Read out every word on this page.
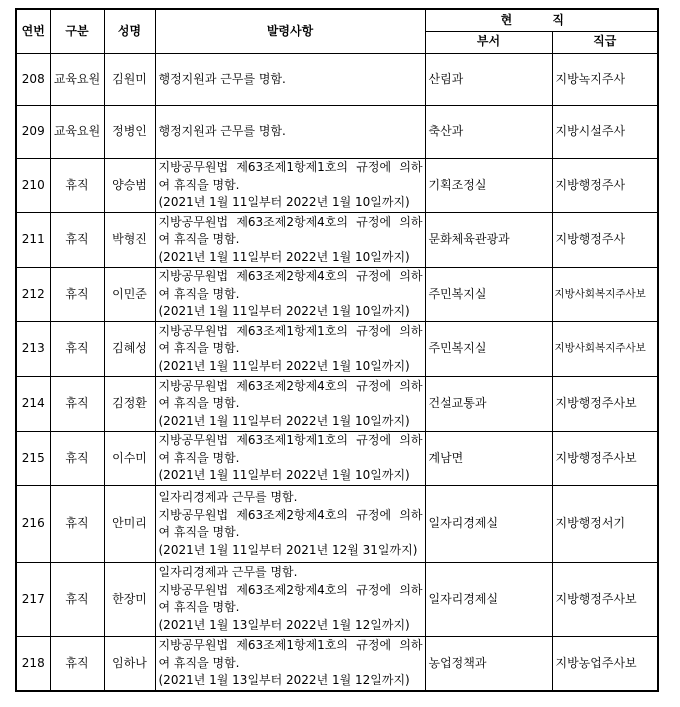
연번	구분	성명	발령사항	현 직	
				부서	직급
208	교육요원	김원미	행정지원과 근무를 명함.	산림과	지방녹지주사
209	교육요원	정병인	행정지원과 근무를 명함.	축산과	지방시설주사
210	휴직	양승범	지방공무원법 제63조제1항제1호의 규정에 의하
여 휴직을 명함.
(2021년 1월 11일부터 2022년 1월 10일까지)	기획조정실	지방행정주사
211	휴직	박형진	지방공무원법 제63조제2항제4호의 규정에 의하
여 휴직을 명함.
(2021년 1월 11일부터 2022년 1월 10일까지)	문화체육관광과	지방행정주사
212	휴직	이민준	지방공무원법 제63조제2항제4호의 규정에 의하
여 휴직을 명함.
(2021년 1월 11일부터 2022년 1월 10일까지)	주민복지실	지방사회복지주사보
213	휴직	김혜성	지방공무원법 제63조제1항제1호의 규정에 의하
여 휴직을 명함.
(2021년 1월 11일부터 2022년 1월 10일까지)	주민복지실	지방사회복지주사보
214	휴직	김정환	지방공무원법 제63조제2항제4호의 규정에 의하
여 휴직을 명함.
(2021년 1월 11일부터 2022년 1월 10일까지)	건설교통과	지방행정주사보
215	휴직	이수미	지방공무원법 제63조제1항제1호의 규정에 의하
여 휴직을 명함.
(2021년 1월 11일부터 2022년 1월 10일까지)	계남면	지방행정주사보
216	휴직	안미리	일자리경제과 근무를 명함.
지방공무원법 제63조제2항제4호의 규정에 의하
여 휴직을 명함.
(2021년 1월 11일부터 2021년 12월 31일까지)	일자리경제실	지방행정서기
217	휴직	한장미	일자리경제과 근무를 명함.
지방공무원법 제63조제2항제4호의 규정에 의하
여 휴직을 명함.
(2021년 1월 13일부터 2022년 1월 12일까지)	일자리경제실	지방행정주사보
218	휴직	임하나	지방공무원법 제63조제1항제1호의 규정에 의하
여 휴직을 명함.
(2021년 1월 13일부터 2022년 1월 12일까지)	농업정책과	지방농업주사보
